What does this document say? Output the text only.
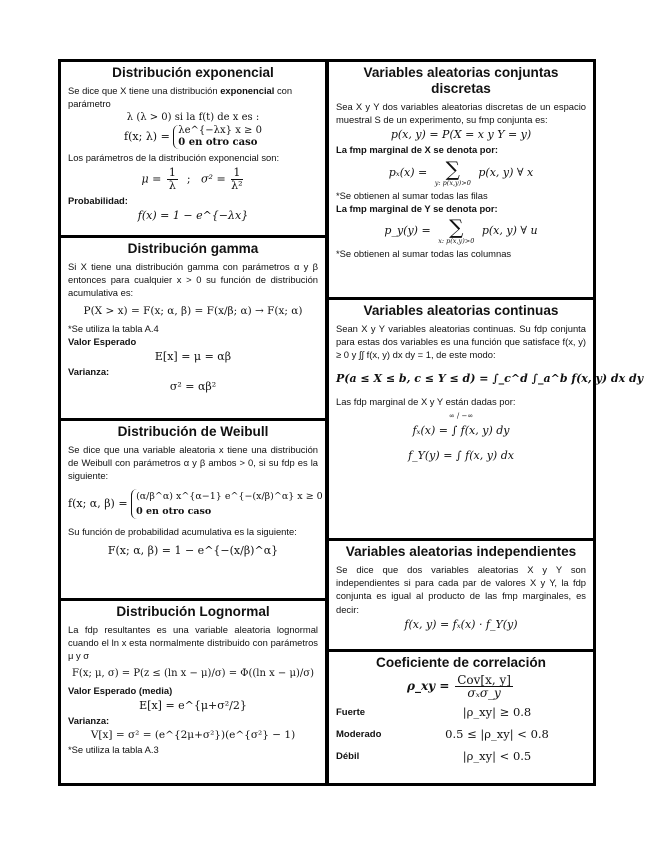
Distribución exponencial

Se dice que X tiene una distribución exponencial con parámetro

λ (λ > 0) si la f(t) de x es :
f(x; λ) = λe^{−λx} x ≥ 0
0 en otro caso

Los parámetros de la distribución exponencial son:

$\mu = \frac{1}{\lambda}$ ; $\sigma^2 = \frac{1}{\text{λ²}}$

Probabilidad:

f(x) = 1 − e^{−λx}
Distribución gamma

Si X tiene una distribución gamma con parámetros α y β entonces para cualquier x > 0 su función de distribución acumulativa es:

P(X > x) = F(x; α, β) = F(x/β; α) → F(x; α)

*Se utiliza la tabla A.4

Valor Esperado

E[x] = μ = αβ

Varianza:

σ² = αβ²
Distribución de Weibull

Se dice que una variable aleatoria x tiene una distribución de Weibull con parámetros α y β ambos > 0, si su fdp es la siguiente:

f(x; α, β) = (α/β^α) x^{α−1} e^{−(x/β)^α} x ≥ 0
0 en otro caso

Su función de probabilidad acumulativa es la siguiente:

F(x; α, β) = 1 − e^{−(x/β)^α}
Distribución Lognormal

La fdp resultantes es una variable aleatoria lognormal cuando el ln x esta normalmente distribuido con parámetros μ y σ

F(x; μ, σ) = P(z ≤ (ln x − μ)/σ) = Φ((ln x − μ)/σ)

Valor Esperado (media)

E[x] = e^{μ+σ²/2}

Varianza:

V[x] = σ² = (e^{2μ+σ²})(e^{σ²} − 1)

*Se utiliza la tabla A.3

Variables aleatorias conjuntas discretas

Sea X y Y dos variables aleatorias discretas de un espacio muestral S de un experimento, su fmp conjunta es:

p(x, y) = P(X = x y Y = y)

La fmp marginal de X se denota por:

pₓ(x) = ∑
y: p(x,y)>0
p(x, y) ∀ x

*Se obtienen al sumar todas las filas

La fmp marginal de Y se denota por:

p_y(y) = ∑
x: p(x,y)>0
p(x, y) ∀ u

*Se obtienen al sumar todas las columnas

Variables aleatorias continuas

Sean X y Y variables aleatorias continuas. Su fdp conjunta para estas dos variables es una función que satisface f(x, y) ≥ 0 y ∫∫ f(x, y) dx dy = 1, de este modo:

P(a ≤ X ≤ b, c ≤ Y ≤ d) = ∫_c^d ∫_a^b f(x, y) dx dy

Las fdp marginal de X y Y están dadas por:

∞ / −∞
fₓ(x) = ∫ f(x, y) dy
f_Y(y) = ∫ f(x, y) dx
Variables aleatorias independientes

Se dice que dos variables aleatorias X y Y son independientes si para cada par de valores X y Y, la fdp conjunta es igual al producto de las fmp marginales, es decir:

f(x, y) = fₓ(x) · f_Y(y)
Coeficiente de correlación
ρ_xy = $\frac{\text{Cov[x, y]}}{\text{σₓσ\_y}}$
Fuerte	|ρ_xy| ≥ 0.8
Moderado	0.5 ≤ |ρ_xy| < 0.8
Débil	|ρ_xy| < 0.5
